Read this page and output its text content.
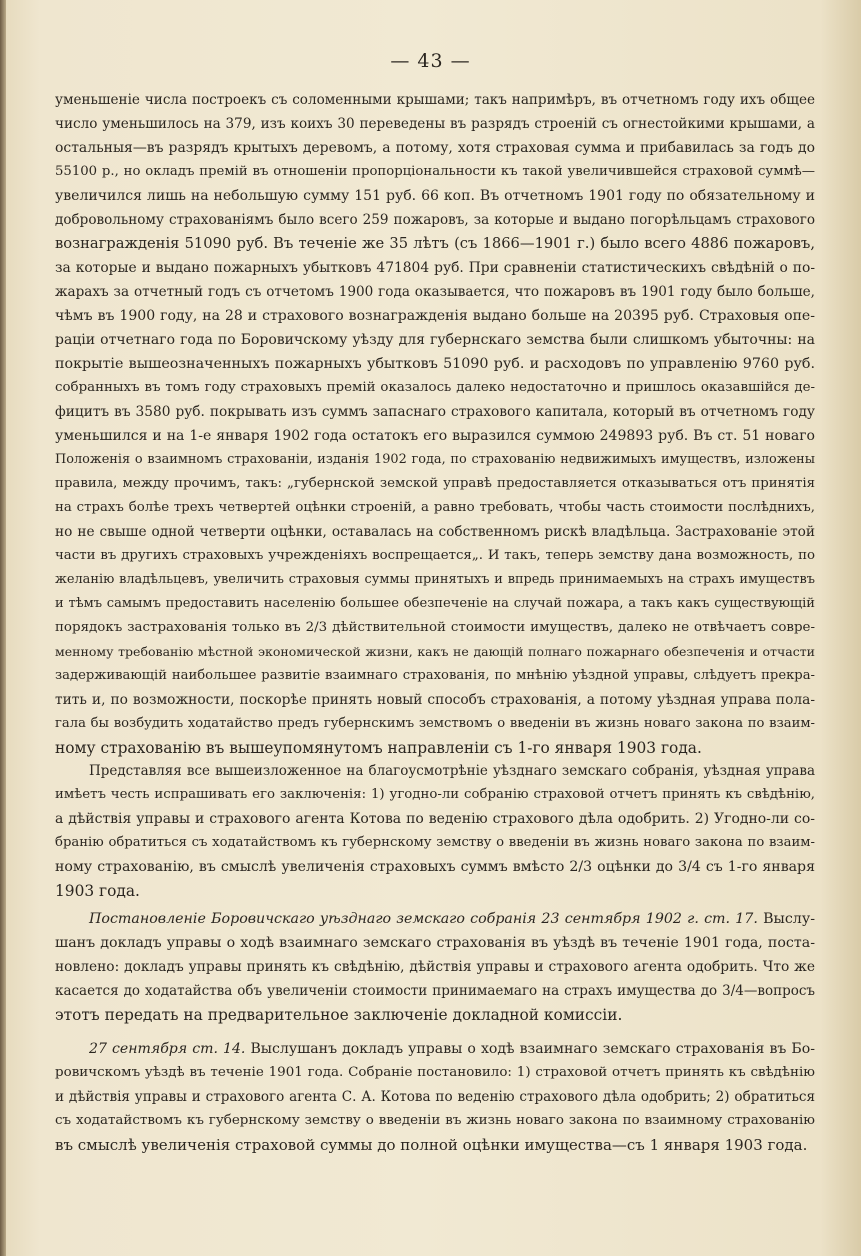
— 43 —

уменьшеніе числа построекъ съ соломенными крышами; такъ напримѣръ, въ отчетномъ году ихъ общее
число уменьшилось на 379, изъ коихъ 30 переведены въ разрядъ строеній съ огнестойкими крышами, а
остальныя—въ разрядъ крытыхъ деревомъ, а потому, хотя страховая сумма и прибавилась за годъ до
55100 р., но окладъ премій въ отношеніи пропорціональности къ такой увеличившейся страховой суммѣ—
увеличился лишь на небольшую сумму 151 руб. 66 коп. Въ отчетномъ 1901 году по обязательному и
добровольному страхованіямъ было всего 259 пожаровъ, за которые и выдано погорѣльцамъ страхового
вознагражденія 51090 руб. Въ теченіе же 35 лѣтъ (съ 1866—1901 г.) было всего 4886 пожаровъ,
за которые и выдано пожарныхъ убытковъ 471804 руб. При сравненіи статистическихъ свѣдѣній о по-
жарахъ за отчетный годъ съ отчетомъ 1900 года оказывается, что пожаровъ въ 1901 году было больше,
чѣмъ въ 1900 году, на 28 и страхового вознагражденія выдано больше на 20395 руб. Страховыя опе-
раціи отчетнаго года по Боровичскому уѣзду для губернскаго земства были слишкомъ убыточны: на
покрытіе вышеозначенныхъ пожарныхъ убытковъ 51090 руб. и расходовъ по управленію 9760 руб.
собранныхъ въ томъ году страховыхъ премій оказалось далеко недостаточно и пришлось оказавшійся де-
фицитъ въ 3580 руб. покрывать изъ суммъ запаснаго страхового капитала, который въ отчетномъ году
уменьшился и на 1-е января 1902 года остатокъ его выразился суммою 249893 руб. Въ ст. 51 новаго
Положенія о взаимномъ страхованіи, изданія 1902 года, по страхованію недвижимыхъ имуществъ, изложены
правила, между прочимъ, такъ: „губернской земской управѣ предоставляется отказываться отъ принятія
на страхъ болѣе трехъ четвертей оцѣнки строеній, а равно требовать, чтобы часть стоимости послѣднихъ,
но не свыше одной четверти оцѣнки, оставалась на собственномъ рискѣ владѣльца. Застрахованіе этой
части въ другихъ страховыхъ учрежденіяхъ воспрещается„. И такъ, теперь земству дана возможность, по
желанію владѣльцевъ, увеличить страховыя суммы принятыхъ и впредь принимаемыхъ на страхъ имуществъ
и тѣмъ самымъ предоставить населенію большее обезпеченіе на случай пожара, а такъ какъ существующій
порядокъ застрахованія только въ 2/3 дѣйствительной стоимости имуществъ, далеко не отвѣчаетъ совре-
менному требованію мѣстной экономической жизни, какъ не дающій полнаго пожарнаго обезпеченія и отчасти
задерживающій наибольшее развитіе взаимнаго страхованія, по мнѣнію уѣздной управы, слѣдуетъ прекра-
тить и, по возможности, поскорѣе принять новый способъ страхованія, а потому уѣздная управа пола-
гала бы возбудить ходатайство предъ губернскимъ земствомъ о введеніи въ жизнь новаго закона по взаим-
ному страхованію въ вышеупомянутомъ направленіи съ 1-го января 1903 года.

Представляя все вышеизложенное на благоусмотрѣніе уѣзднаго земскаго собранія, уѣздная управа
имѣетъ честь испрашивать его заключенія: 1) угодно-ли собранію страховой отчетъ принять къ свѣдѣнію,
а дѣйствія управы и страхового агента Котова по веденію страхового дѣла одобрить. 2) Угодно-ли со-
бранію обратиться съ ходатайствомъ къ губернскому земству о введеніи въ жизнь новаго закона по взаим-
ному страхованію, въ смыслѣ увеличенія страховыхъ суммъ вмѣсто 2/3 оцѣнки до 3/4 съ 1-го января
1903 года.

Постановленіе Боровичскаго уѣзднаго земскаго собранія 23 сентября 1902 г. ст. 17. Выслу-
шанъ докладъ управы о ходѣ взаимнаго земскаго страхованія въ уѣздѣ въ теченіе 1901 года, поста-
новлено: докладъ управы принять къ свѣдѣнію, дѣйствія управы и страхового агента одобрить. Что же
касается до ходатайства объ увеличеніи стоимости принимаемаго на страхъ имущества до 3/4—вопросъ
этотъ передать на предварительное заключеніе докладной комиссіи.

27 сентября ст. 14. Выслушанъ докладъ управы о ходѣ взаимнаго земскаго страхованія въ Бо-
ровичскомъ уѣздѣ въ теченіе 1901 года. Собраніе постановило: 1) страховой отчетъ принять къ свѣдѣнію
и дѣйствія управы и страхового агента С. А. Котова по веденію страхового дѣла одобрить; 2) обратиться
съ ходатайствомъ къ губернскому земству о введеніи въ жизнь новаго закона по взаимному страхованію
въ смыслѣ увеличенія страховой суммы до полной оцѣнки имущества—съ 1 января 1903 года.
